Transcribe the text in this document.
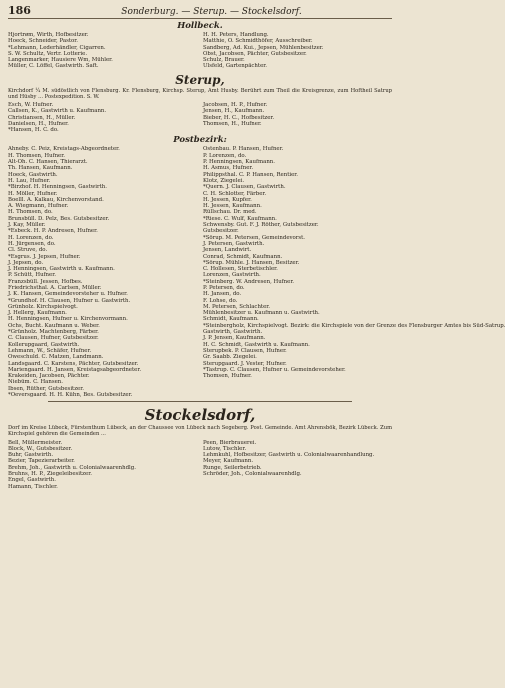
186	Sonderburg. — Sterup. — Stockelsdorf.
Hollbeck.
Hjortrøm, Wirth, Hofbesitzer.
Hoeck, Schneider, Pastor.
*Lehmann, Lederhändler, Cigarren.
S. W. Schultz, Vertr. Lotterie.
Langenmarker, Hausiere Wm, Mühler.
Müller, C. Löffel, Gastwirth. Saft.
H. H. Peters, Handlung.
Matthie, O. Schmidthöfer, Ausschreiber.
Sandberg, Ad. Kui., Jepsen, Mühlenbesitzer.
Obst, Jacobsen, Pächter, Gutsbesitzer.
Schulz, Brauer.
Ulsfeld, Gartenpächter.
Sterup,
Kirchdorf ¼ M. südöstlich von Flensburg. Kr. Flensburg, Kirchsp. Sterup, Amt Husby. Berührt zum Theil die Kreisgrenze, zum Hoftheil Satrup und Hüsby ... Postexpedition. S. W.
Esch, W. Hufner.
Callsen, K., Gastwirth u. Kaufmann.
Christiansen, H., Müller.
Danielsen, H., Hufner.
*Hansen, H. C. do.
Jacobsen, H. P., Hufner.
Jensen, H., Kaufmann.
Bieber, H. C., Hofbesitzer.
Thomsen, H., Hufner.
Postbezirk:
Ahneby. C. Peiz, Kreistags-Abgeordneter.
H. Thomsen, Hufner.
Alt-Oh. C. Hansen, Thierarzt.
Th. Hansen, Kaufmann.
Hoeck, Gastwirth.
H. Lau, Hufner.
*Birzhof. H. Henningsen, Gastwirth.
H. Möller, Hufner.
Boelll. A. Kalkau, Kirchenvorstand.
A. Wiegmann, Hufner.
H. Thomsen, do.
Brunsbüll. D. Pelz, Bes. Gutsbesitzer.
J. Kay, Müller.
*Esbeck. H. P. Andresen, Hufner.
H. Lorenzen, do.
H. Jürgensen, do.
Cl. Struve, do.
*Esgrus. J. Jepsen, Hufner.
J. Jepsen, do.
J. Henningsen, Gastwirth u. Kaufmann.
P. Schütt, Hufner.
Franzsbüll. Jessen, Hofbes.
Friedrichsthal. A. Carlsen, Müller.
J. K. Hansen, Gemeindevorsteher u. Hufner.
*Grundhof. H. Clausen, Hufner u. Gastwirth.
Grünholz. Kirchspielvogt.
J. Hellerg, Kaufmann.
H. Henningsen, Hufner u. Kirchenvormann.
Ochs, Bucht. Kaufmann u. Weber.
*Grünholz. Machtenberg, Färber.
C. Clausen, Hufner, Gutsbesitzer.
Kollerupgaard, Gastwirth.
Lehmann, W., Schäfer, Hufner.
Oweschuld. C. Matzen, Landmann.
Landsgaard. C. Karstens, Pächter, Gutsbesitzer.
Mariengaard. H. Jansen, Kreistagsabgeordneter.
Krakeiden, Jacobsen, Pächter.
Niebüm. C. Hansen.
Ibsen, Rüther, Gutsbesitzer.
*Oeversgaard. H. H. Kühn, Bes. Gutsbesitzer.
Ostenbau. P. Hansen, Hufner.
P. Lorenzen, do.
P. Henningsen, Kaufmann.
H. Asmus, Hufner.
Philippsthal. C. P. Hansen, Rentier.
Klotz, Ziegelei.
*Quern. J. Clausen, Gastwirth.
C. H. Schlotter, Färber.
H. Jessen, Kupfer.
H. Jessen, Kaufmann.
Rüllschau. Dr. med.
*Riese. C. Wulf, Kaufmann.
Schwensby. Gut. F. J. Röther, Gutsbesitzer.
Gutsbesitzer.
*Sörup. M. Petersen, Gemeindevorst.
J. Petersen, Gastwirth.
Jensen, Landwirt.
Conrad, Schmidt, Kaufmann.
*Sörup. Mühle. J. Hansen, Besitzer.
C. Hollesen, Sterbetischler.
Lorenzen, Gastwirth.
*Steinberg. W. Andresen, Hufner.
P. Petersen, do.
H. Jansen, do.
F. Lohse, do.
M. Petersen, Schlachter.
Mühlenbesitzer u. Kaufmann u. Gastwirth.
Schmidt, Kaufmann.
*Steinbergholz, Kirchspielvogt. Bezirk: die Kirchspiele von der Grenze des Flensburger Amtes bis Süd-Satrup.
Gastwirth, Gastwirth.
J. P. Jensen, Kaufmann.
H. C. Schmidt, Gastwirth u. Kaufmann.
Sterupbek. P. Clausen, Hufner.
Gr. Saabb. Ziegelei.
Sterupgaard. J. Vester, Hufner.
*Tastrup. C. Clausen, Hufner u. Gemeindevorsteher.
Thomsen, Hufner.
Stockelsdorf,
Dorf im Kreise Lübeck, Fürstenthum Lübeck, an der Chaussee von Lübeck nach Segeberg. Post. Gemeinde. Amt Ahrensbök, Bezirk Lübeck. Zum Kirchspiel gehören die Gemeinden ...
Bell, Müllermeister.
Block, W., Gutsbesitzer.
Buhr, Gastwirth.
Bezier, Tapezierarbeiter.
Brehm, Joh., Gastwirth u. Colonialwaarenhdlg.
Bruhns, H. P., Ziegeleibesitzer.
Engel, Gastwirth.
Hamann, Tischler.
Peen, Bierbrauerei.
Lutow, Tischler.
Lehmkuhl, Hofbesitzer, Gastwirth u. Colonialwaarenhandlung.
Meyer, Kaufmann.
Runge, Seilerbetrieb.
Schröder, Joh., Colonialwaarenhdlg.
